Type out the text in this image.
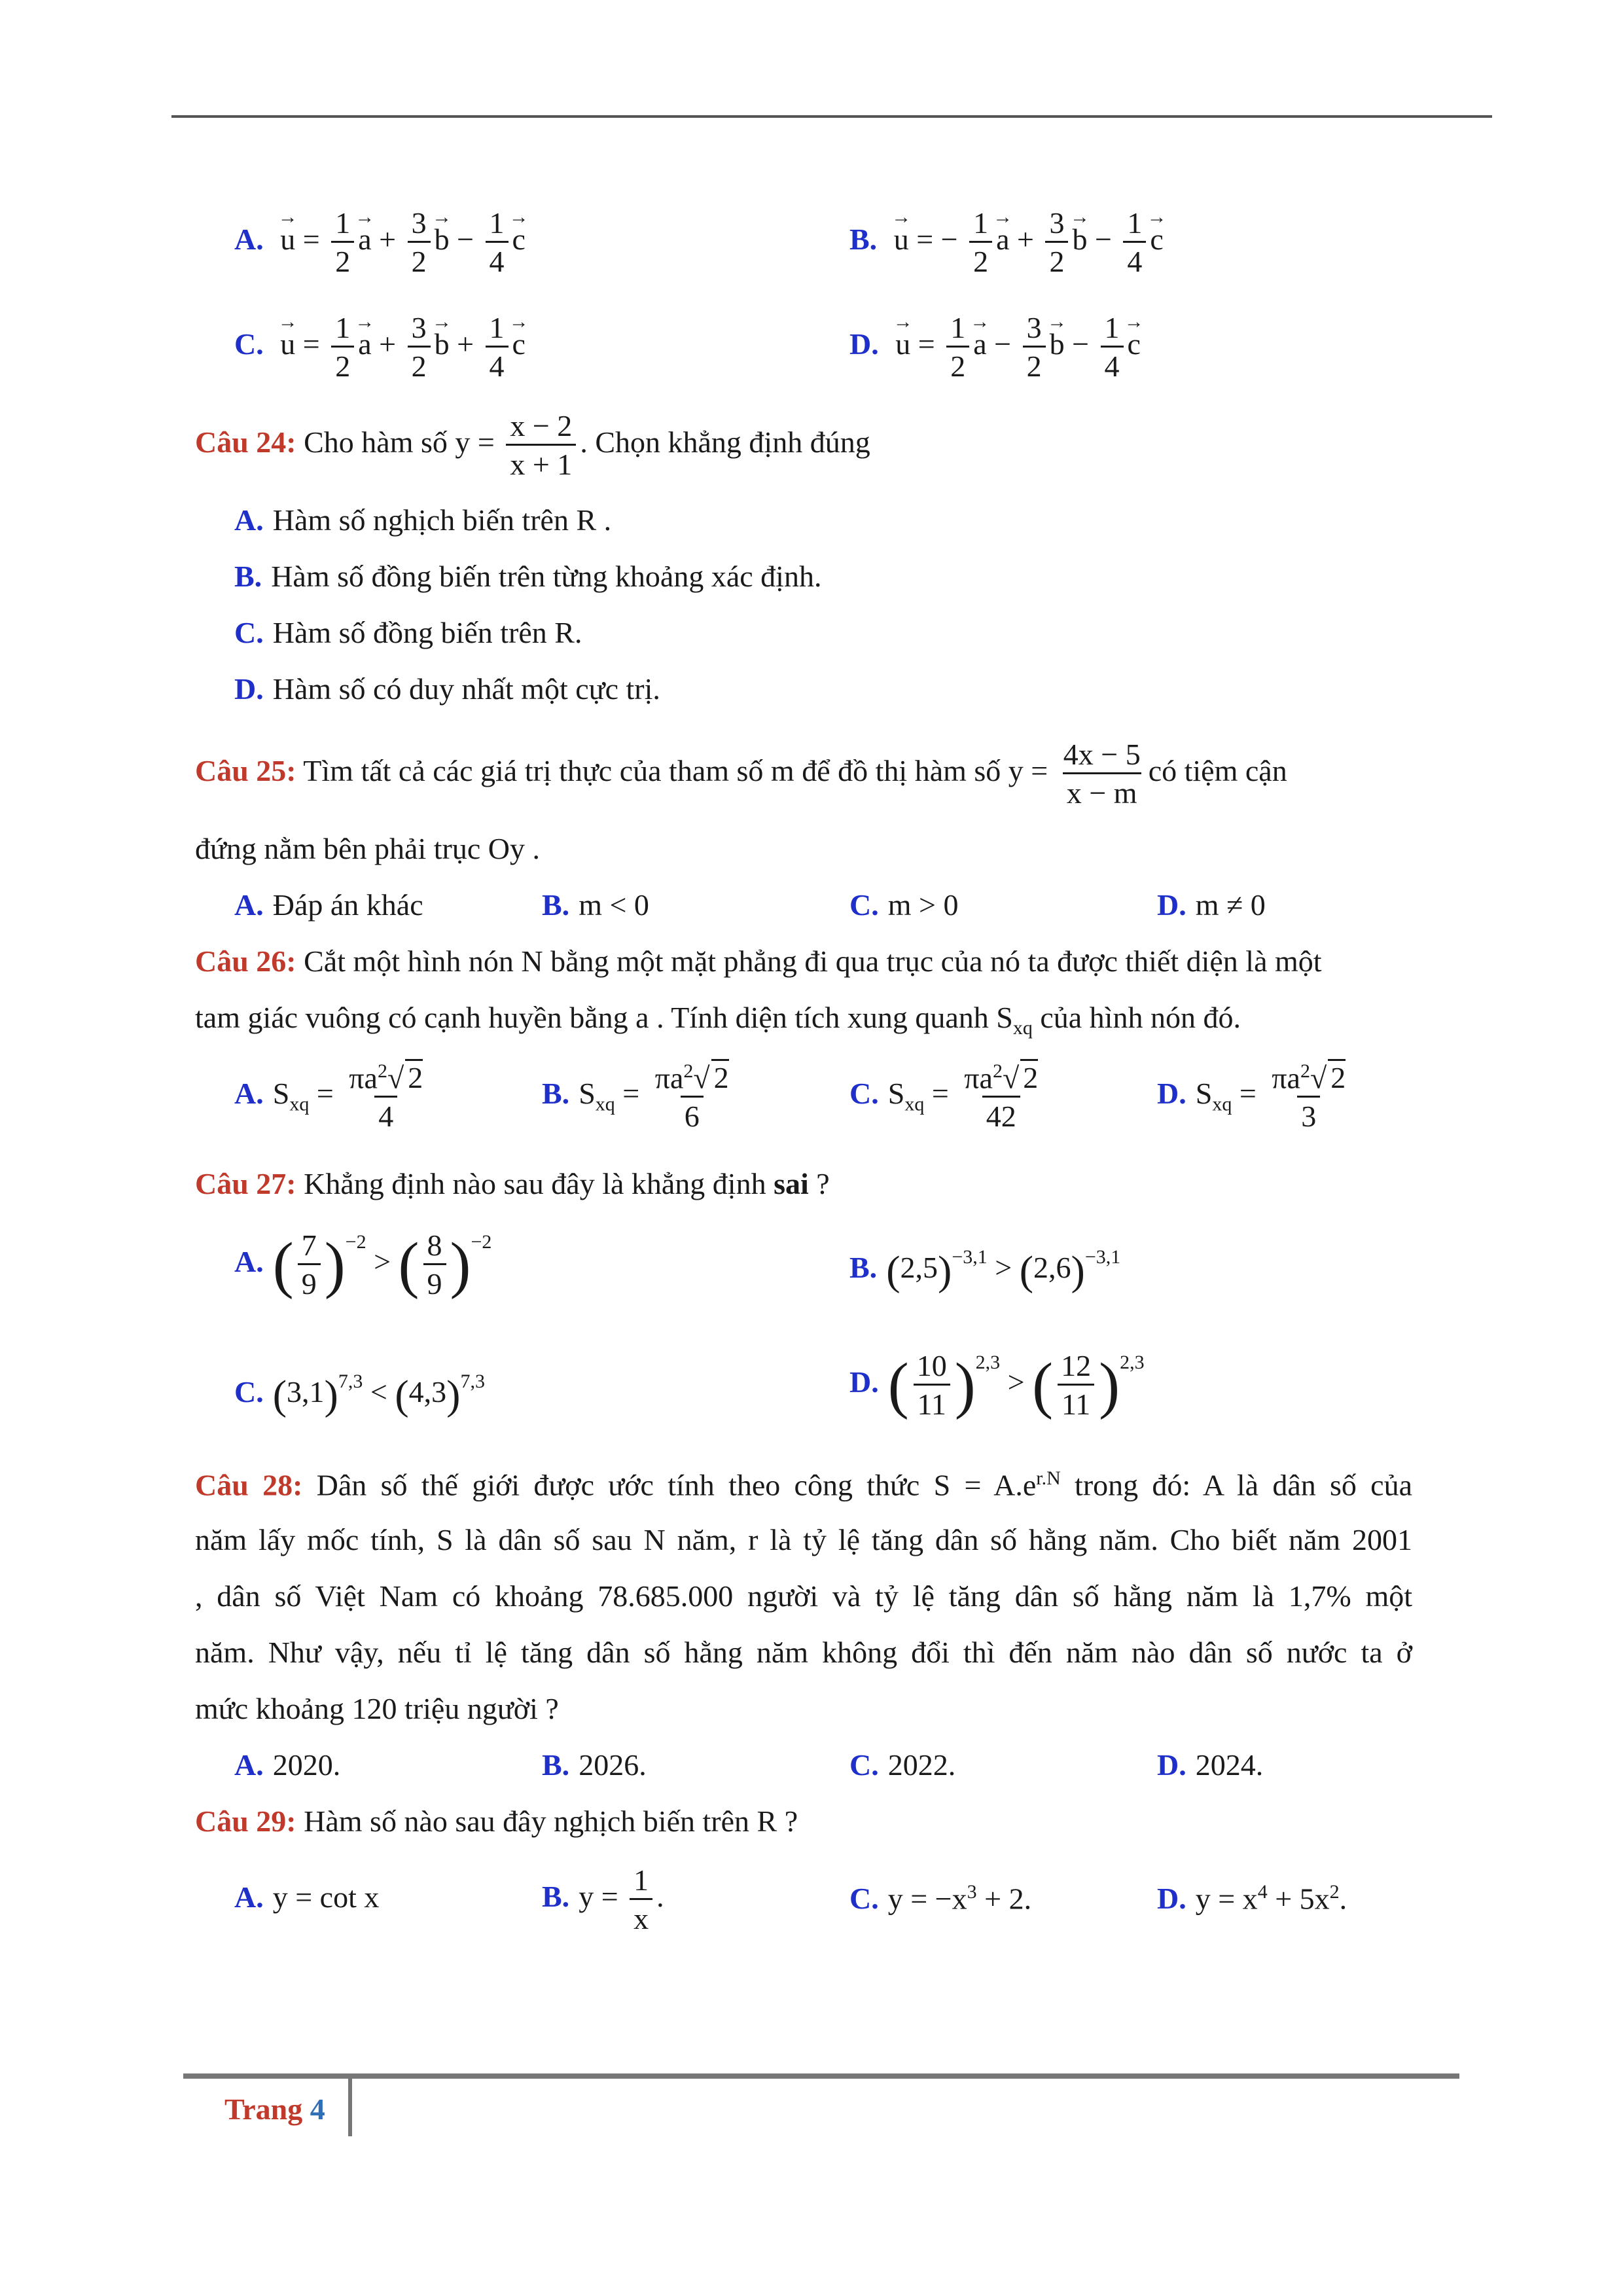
A. → $u = \frac{1}{2}$
→ $a + \frac{3}{2}$
→ $b - \frac{1}{4}$
→ c	B. → u = − $\frac{1}{2}$
→ $a + \frac{3}{2}$
→ $b - \frac{1}{4}$
→ c
C. → $u = \frac{1}{2}$
→ $a + \frac{3}{2}$
→ $b + \frac{1}{4}$
→ c	D. → $u = \frac{1}{2}$
→ $a - \frac{3}{2}$
→ $b - \frac{1}{4}$
→ c
Câu 24: Cho hàm số $y = \frac{x - 2}{x + 1}$ . Chọn khẳng định đúng
A. Hàm số nghịch biến trên R .
B. Hàm số đồng biến trên từng khoảng xác định.
C. Hàm số đồng biến trên R.
D. Hàm số có duy nhất một cực trị.
Câu 25: Tìm tất cả các giá trị thực của tham số m để đồ thị hàm số $y = \frac{4x - 5}{x - m}$ có tiệm cận
đứng nằm bên phải trục Oy .
A. Đáp án khác	B. m < 0	C. m > 0	D. m ≠ 0
Câu 26: Cắt một hình nón N bằng một mặt phẳng đi qua trục của nó ta được thiết diện là một
tam giác vuông có cạnh huyền bằng a . Tính diện tích xung quanh $S_{xq}$ của hình nón đó.
A. $S_{xq} = \frac{\pi a^2√ 2}{4}$	B. $S_{xq} = \frac{\pi a^2√ 2}{6}$	C. $S_{xq} = \frac{\pi a^2√ 2}{42}$	D. $S_{xq} = \frac{\pi a^2√ 2}{3}$
Câu 27: Khẳng định nào sau đây là khẳng định sai ?
A. ( $\frac{7}{9} )^{-2}$ > ( $\frac{8}{9} )^{-2}$
B. $(2,5)^{-3,1} > (2,6)^{-3,1}$
C. $(3,1)^{7,3} < (4,3)^{7,3}$	D. ( $\frac{10}{11} )^{2,3}$ > ( $\frac{12}{11} )^{2,3}$
Câu 28: Dân số thế giới được ước tính theo công thức $S = A.e^{r.N}$ trong đó: A là dân số của
năm lấy mốc tính, S là dân số sau N năm, r là tỷ lệ tăng dân số hằng năm. Cho biết năm 2001
, dân số Việt Nam có khoảng 78.685.000 người và tỷ lệ tăng dân số hằng năm là 1,7% một
năm. Như vậy, nếu tỉ lệ tăng dân số hằng năm không đổi thì đến năm nào dân số nước ta ở
mức khoảng 120 triệu người ?
A. 2020.	B. 2026.	C. 2022.	D. 2024.
Câu 29: Hàm số nào sau đây nghịch biến trên R ?
A. y = cot x	B. $y = \frac{1}{x}$ .	C. $y = -x^3 + 2$.	D. $y = x^4 + 5x^2$.
Trang 4
